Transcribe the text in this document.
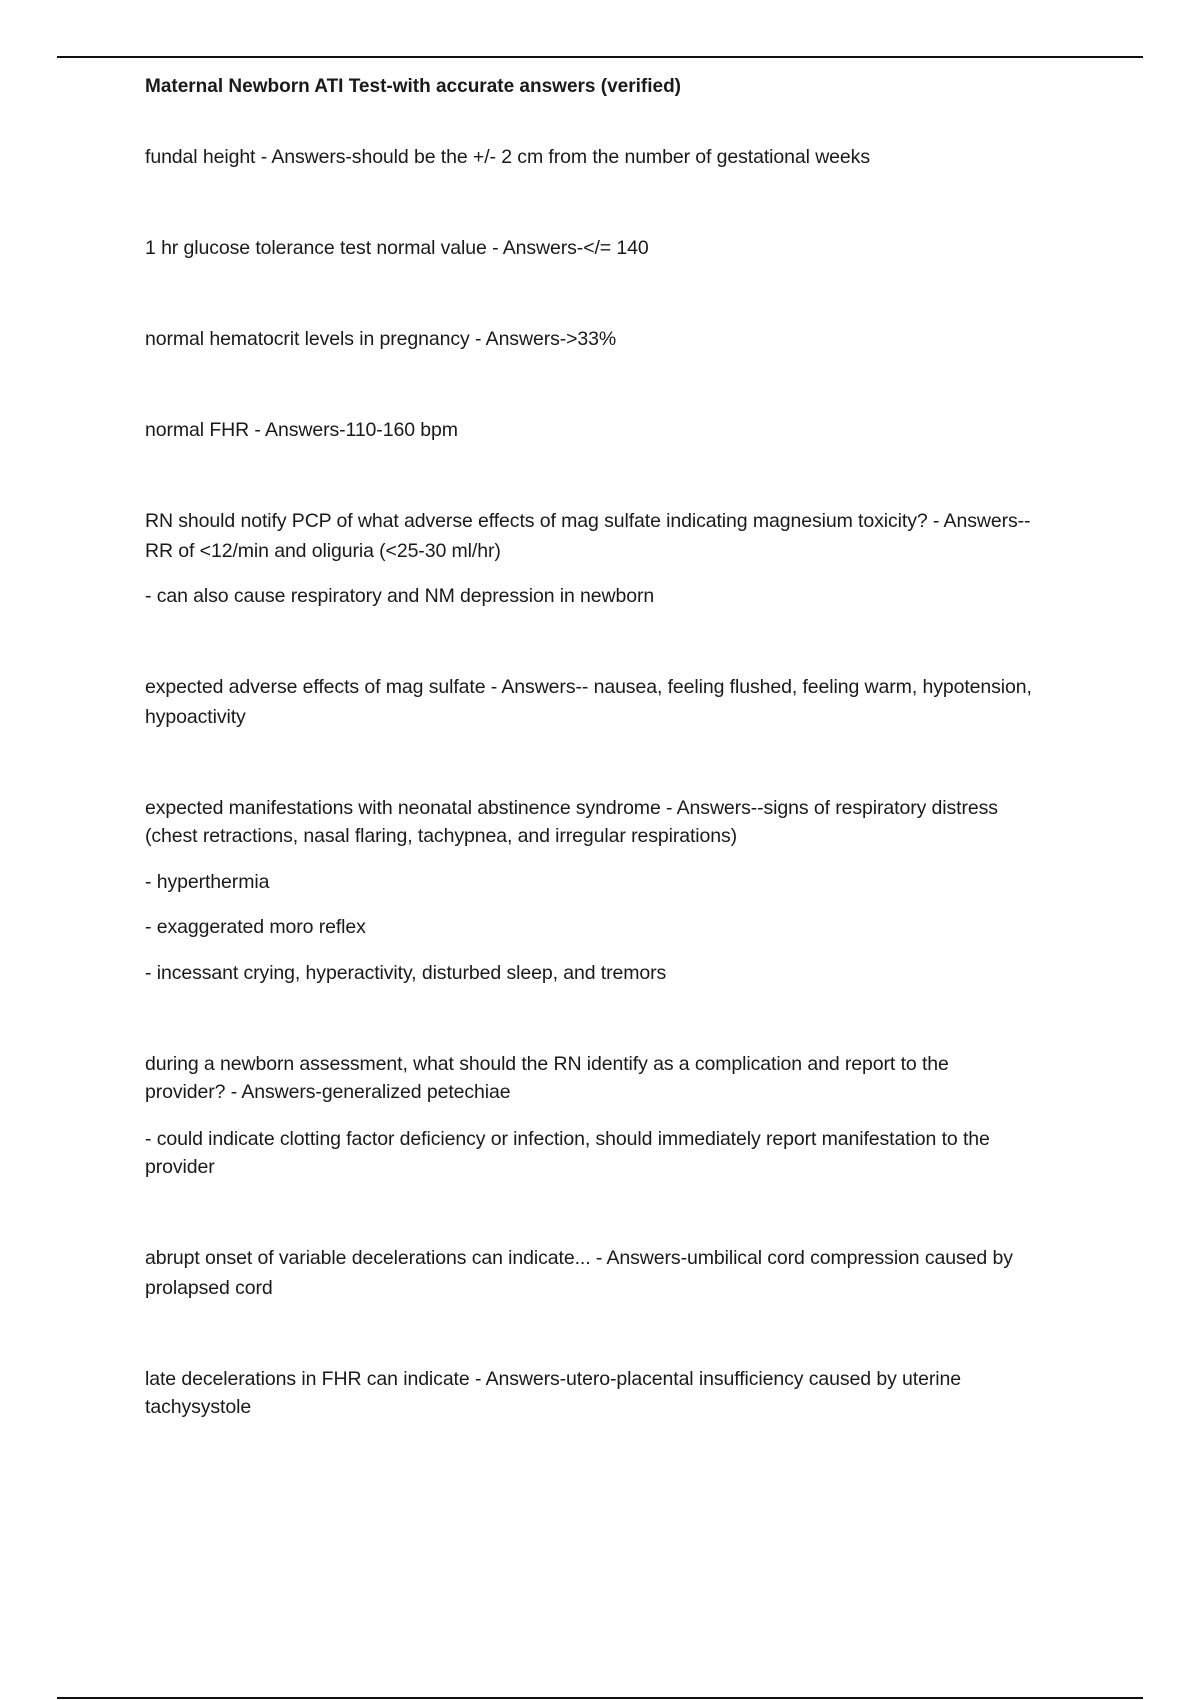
Maternal Newborn ATI Test-with accurate answers (verified)
fundal height - Answers-should be the +/- 2 cm from the number of gestational weeks
1 hr glucose tolerance test normal value - Answers-</= 140
normal hematocrit levels in pregnancy - Answers->33%
normal FHR - Answers-110-160 bpm
RN should notify PCP of what adverse effects of mag sulfate indicating magnesium toxicity? - Answers--
RR of <12/min and oliguria (<25-30 ml/hr)
- can also cause respiratory and NM depression in newborn
expected adverse effects of mag sulfate - Answers-- nausea, feeling flushed, feeling warm, hypotension,
hypoactivity
expected manifestations with neonatal abstinence syndrome - Answers--signs of respiratory distress
(chest retractions, nasal flaring, tachypnea, and irregular respirations)
- hyperthermia
- exaggerated moro reflex
- incessant crying, hyperactivity, disturbed sleep, and tremors
during a newborn assessment, what should the RN identify as a complication and report to the
provider? - Answers-generalized petechiae
- could indicate clotting factor deficiency or infection, should immediately report manifestation to the
provider
abrupt onset of variable decelerations can indicate... - Answers-umbilical cord compression caused by
prolapsed cord
late decelerations in FHR can indicate - Answers-utero-placental insufficiency caused by uterine
tachysystole
